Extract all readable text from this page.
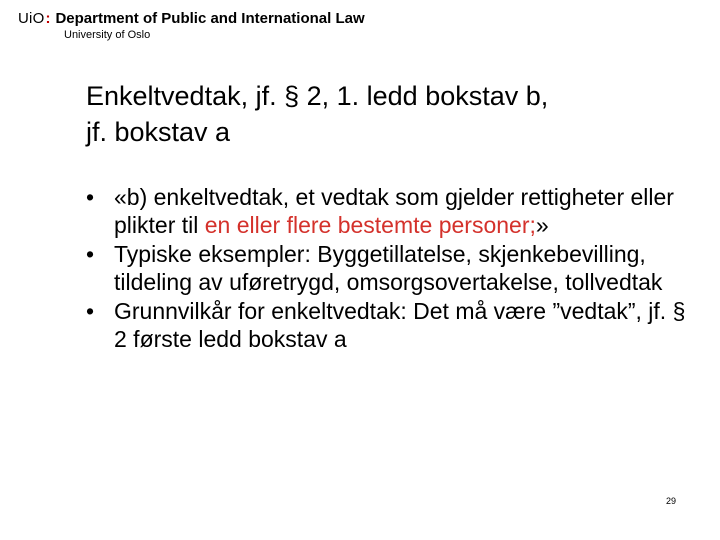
UiO : Department of Public and International Law
University of Oslo
Enkeltvedtak, jf. § 2, 1. ledd bokstav b,
jf. bokstav a
• «b) enkeltvedtak, et vedtak som gjelder rettigheter eller plikter til en eller flere bestemte personer;»
• Typiske eksempler: Byggetillatelse, skjenkebevilling, tildeling av uføretrygd, omsorgsovertakelse, tollvedtak
• Grunnvilkår for enkeltvedtak: Det må være ”vedtak”, jf. § 2 første ledd bokstav a
29
